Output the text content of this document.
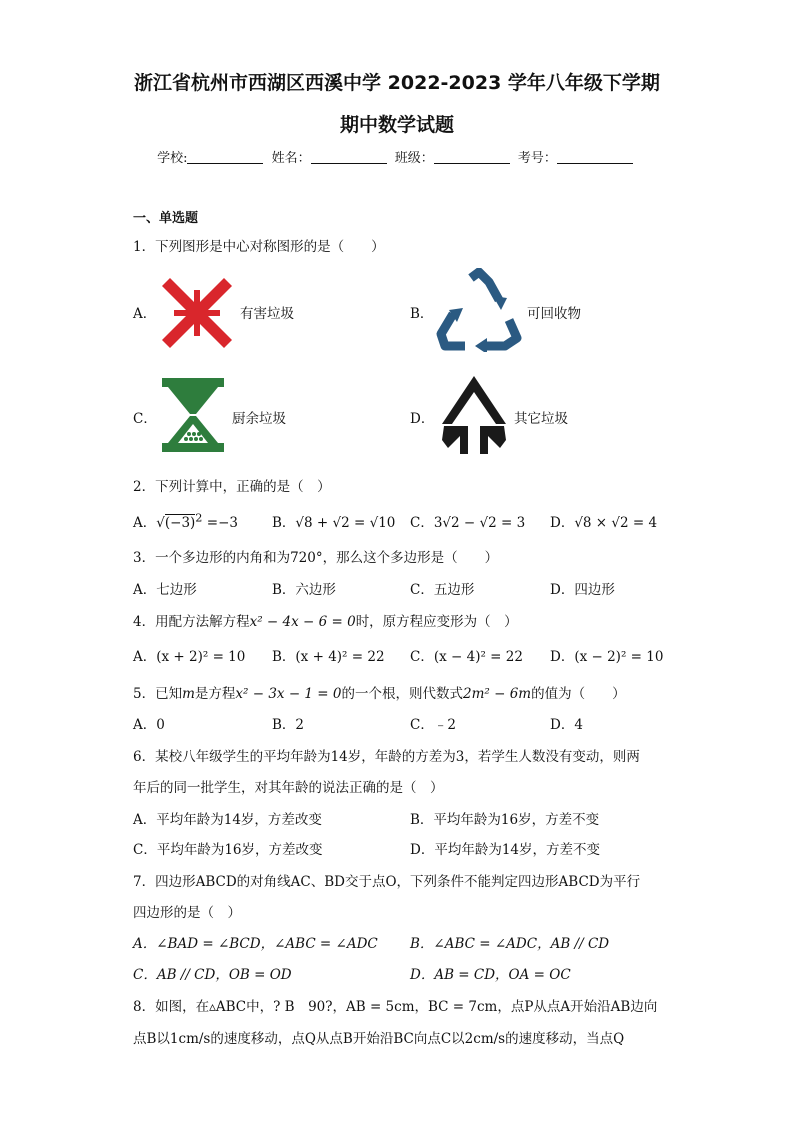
浙江省杭州市西湖区西溪中学 2022-2023 学年八年级下学期
期中数学试题
学校:	姓名：	班级：	考号：
一、单选题
1．下列图形是中心对称图形的是（　　）
A．	有害垃圾	B．	可回收物
C．	厨余垃圾	D．	其它垃圾
2．下列计算中，正确的是（　）
A．$√(-3)^2 =-3$	B．√8 + √2 = √10 C．3√2 − √2 = 3 D．√8 × √2 = 4
3．一个多边形的内角和为720°，那么这个多边形是（　　）
A．七边形	B．六边形	C．五边形	D．四边形
4．用配方法解方程x² − 4x − 6 = 0时，原方程应变形为（　）
A．(x + 2)² = 10 B．(x + 4)² = 22 C．(x − 4)² = 22 D．(x − 2)² = 10
5．已知m是方程x² − 3x − 1 = 0的一个根，则代数式2m² − 6m的值为（　　）
A．0	B．2	C．﹣2	D．4
6．某校八年级学生的平均年龄为14岁，年龄的方差为3，若学生人数没有变动，则两
年后的同一批学生，对其年龄的说法正确的是（　）
A．平均年龄为14岁，方差改变	B．平均年龄为16岁，方差不变
C．平均年龄为16岁，方差改变	D．平均年龄为14岁，方差不变
7．四边形ABCD的对角线AC、BD交于点O，下列条件不能判定四边形ABCD为平行
四边形的是（　）
A．∠BAD = ∠BCD，∠ABC = ∠ADC B．∠ABC = ∠ADC，AB // CD
C．AB // CD，OB = OD	D．AB = CD，OA = OC
8．如图，在▵ABC中，? B　90?，AB = 5cm，BC = 7cm，点P从点A开始沿AB边向
点B以1cm/s的速度移动，点Q从点B开始沿BC向点C以2cm/s的速度移动，当点Q
